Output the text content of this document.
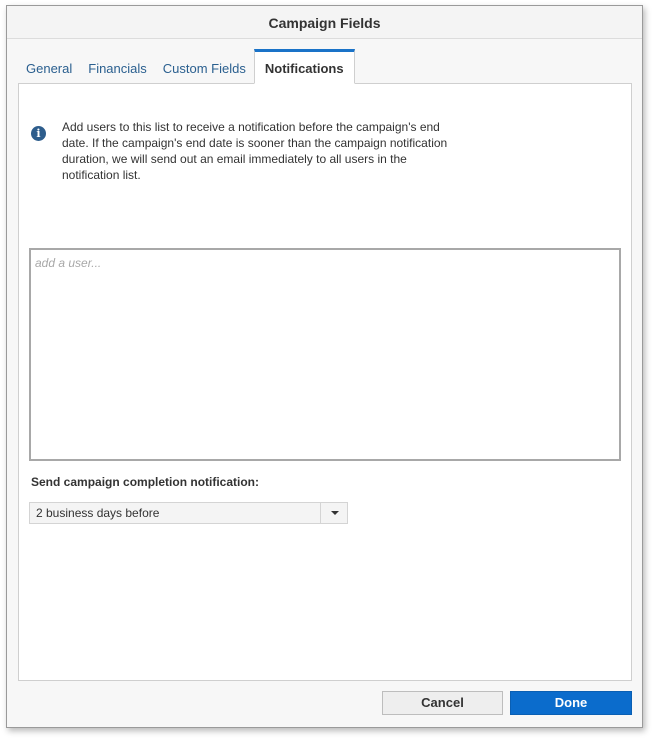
Campaign Fields
General	Financials	Custom Fields	Notifications
i	Add users to this list to receive a notification before the campaign's end
date. If the campaign's end date is sooner than the campaign notification
duration, we will send out an email immediately to all users in the
notification list.
add a user...
Send campaign completion notification:
2 business days before
Cancel	Done
